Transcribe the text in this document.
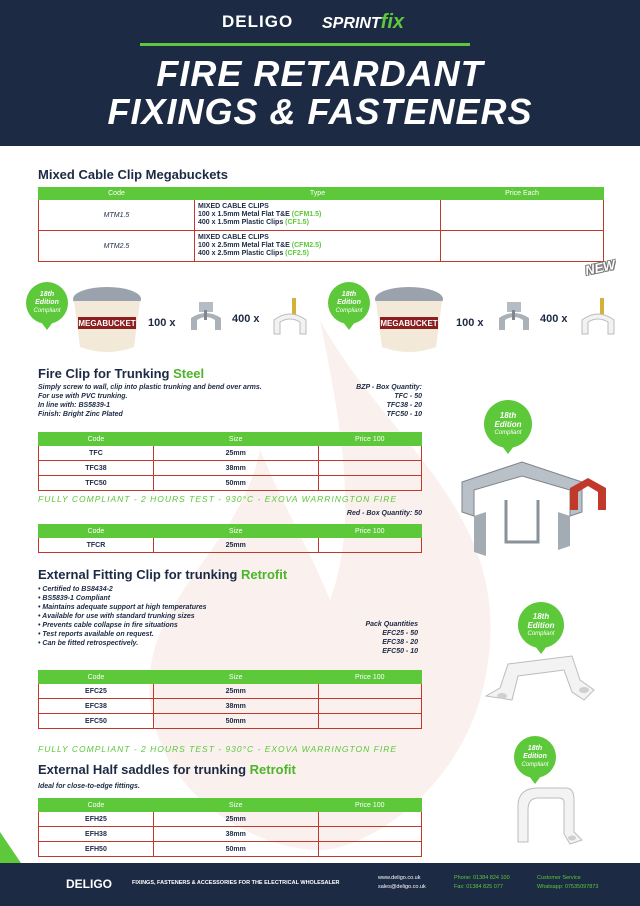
DELIGO SPRINTfix
FIRE RETARDANT
FIXINGS & FASTENERS
Mixed Cable Clip Megabuckets
Code	Type	Price Each
MTM1.5	MIXED CABLE CLIPS
100 x 1.5mm Metal Flat T&E (CFM1.5)
400 x 1.5mm Plastic Clips (CF1.5)	

MTM2.5	MIXED CABLE CLIPS
100 x 2.5mm Metal Flat T&E (CFM2.5)
400 x 2.5mm Plastic Clips (CF2.5)	

18th
Edition
Compliant
MEGABUCKET 100 x	400 x
18th
Edition
Compliant
MEGABUCKET 100 x	400 x
NEW
Fire Clip for Trunking Steel
Simply screw to wall, clip into plastic trunking and bend over arms.
For use with PVC trunking.
In line with: BS5839-1
Finish: Bright Zinc Plated
BZP - Box Quantity:
TFC - 50
TFC38 - 20
TFC50 - 10
Code	Size	Price 100
TFC	25mm	
TFC38	38mm	
TFC50	50mm	
FULLY COMPLIANT - 2 HOURS TEST - 930°C - EXOVA WARRINGTON FIRE
Red - Box Quantity: 50
Code	Size	Price 100
TFCR	25mm	
18th
Edition
Compliant
External Fitting Clip for trunking Retrofit
• Certified to BS8434-2
• BS5839-1 Compliant
• Maintains adequate support at high temperatures
• Available for use with standard trunking sizes
• Prevents cable collapse in fire situations
• Test reports available on request.
• Can be fitted retrospectively.
Pack Quantities
EFC25 - 50
EFC38 - 20
EFC50 - 10
Code	Size	Price 100
EFC25	25mm	
EFC38	38mm	
EFC50	50mm	
FULLY COMPLIANT - 2 HOURS TEST - 930°C - EXOVA WARRINGTON FIRE
18th
Edition
Compliant
External Half saddles for trunking Retrofit
Ideal for close-to-edge fittings.
Code	Size	Price 100
EFH25	25mm	
EFH38	38mm	
EFH50	50mm	
18th
Edition
Compliant
DELIGO	FIXINGS, FASTENERS & ACCESSORIES FOR THE ELECTRICAL WHOLESALER
www.deligo.co.uk
sales@deligo.co.uk
Phone: 01384 824 100
Fax: 01384 825 077
Customer Service
Whatsapp: 07535097873
